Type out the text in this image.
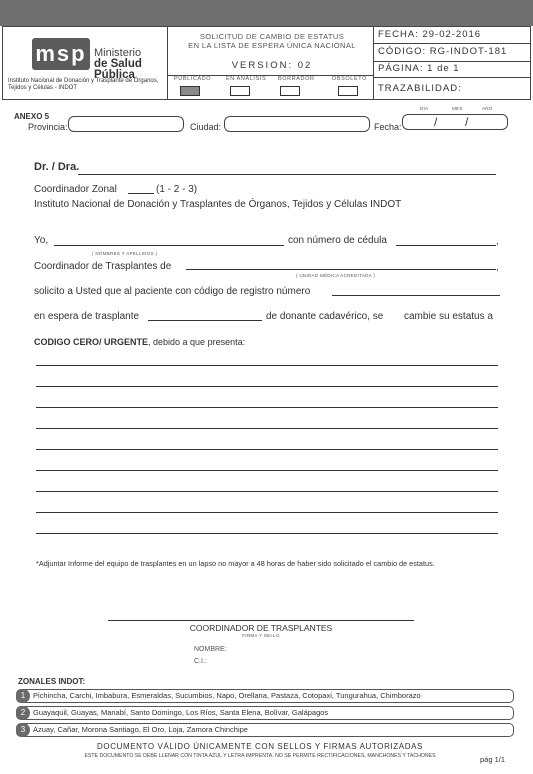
msp Ministerio
de Salud Pública
Instituto Nacional de Donación y Trasplante de Órganos, Tejidos y Células - INDOT
SOLICITUD DE CAMBIO DE ESTATUS
EN LA LISTA DE ESPERA ÚNICA NACIONAL
VERSION: 02
PUBLICADO	EN ANALISIS BORRADOR	OBSOLETO
FECHA: 29-02-2016
CÓDIGO: RG-INDOT-181
PÁGINA: 1 de 1
TRAZABILIDAD:
ANEXO 5
Provincia:	Ciudad:	Fecha:
DÍA	MES	AÑO
/ /
Dr. / Dra.
Coordinador Zonal	(1 - 2 - 3)
Instituto Nacional de Donación y Trasplantes de Órganos, Tejidos y Células INDOT
Yo,	con número de cédula	,
( NOMBRES Y APELLIDOS )
Coordinador de Trasplantes de	,
( UNIDAD MÉDICA ACREDITADA )
solicito a Usted que al paciente con código de registro número
en espera de trasplante	de donante cadavérico, se cambie su estatus a
CODIGO CERO/ URGENTE, debido a que presenta:
*Adjuntar Informe del equipo de trasplantes en un lapso no mayor a 48 horas de haber sido solicitado el cambio de estatus.
COORDINADOR DE TRASPLANTES
FIRMA Y SELLO
NOMBRE:
C.I.:
ZONALES INDOT:
1	Pichincha, Carchi, Imbabura, Esmeraldas, Sucumbios, Napo, Orellana, Pastaza, Cotopaxi, Tungurahua, Chimborazo
2	Guayaquil, Guayas, Manabí, Santo Domingo, Los Ríos, Santa Elena, Bolívar, Galápagos
3	Azuay, Cañar, Morona Santiago, El Oro, Loja, Zamora Chinchipe
DOCUMENTO VÁLIDO ÚNICAMENTE CON SELLOS Y FIRMAS AUTORIZADAS
ESTE DOCUMENTO SE DEBE LLENAR CON TINTA AZUL Y LETRA IMPRENTA. NO SE PERMITE RECTIFICACIONES, MANCHONES Y TACHONES	pág 1/1
